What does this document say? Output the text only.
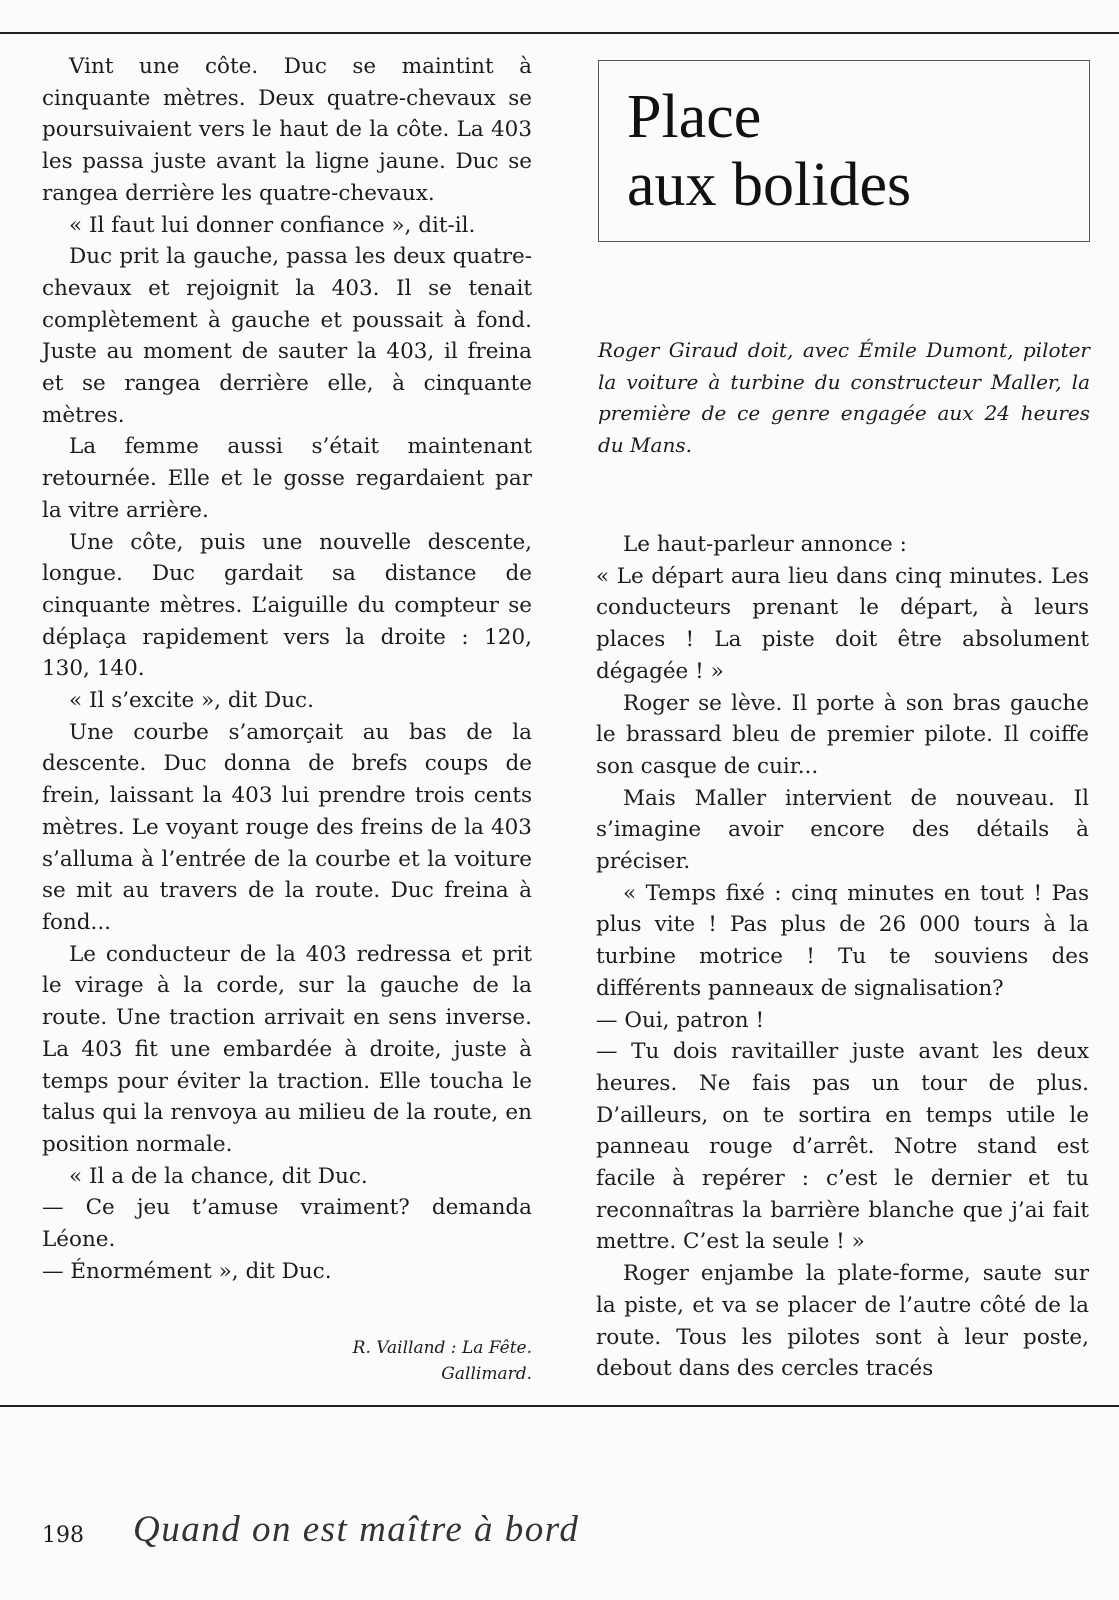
Vint une côte. Duc se maintint à cinquante mètres. Deux quatre-chevaux se poursuivaient vers le haut de la côte. La 403 les passa juste avant la ligne jaune. Duc se rangea derrière les quatre-chevaux.

« Il faut lui donner confiance », dit-il.

Duc prit la gauche, passa les deux quatre-chevaux et rejoignit la 403. Il se tenait complètement à gauche et poussait à fond. Juste au moment de sauter la 403, il freina et se rangea derrière elle, à cinquante mètres.

La femme aussi s’était maintenant retournée. Elle et le gosse regardaient par la vitre arrière.

Une côte, puis une nouvelle descente, longue. Duc gardait sa distance de cinquante mètres. L’aiguille du compteur se déplaça rapidement vers la droite : 120, 130, 140.

« Il s’excite », dit Duc.

Une courbe s’amorçait au bas de la descente. Duc donna de brefs coups de frein, laissant la 403 lui prendre trois cents mètres. Le voyant rouge des freins de la 403 s’alluma à l’entrée de la courbe et la voiture se mit au travers de la route. Duc freina à fond...

Le conducteur de la 403 redressa et prit le virage à la corde, sur la gauche de la route. Une traction arrivait en sens inverse. La 403 fit une embardée à droite, juste à temps pour éviter la traction. Elle toucha le talus qui la renvoya au milieu de la route, en position normale.

« Il a de la chance, dit Duc.

— Ce jeu t’amuse vraiment? demanda Léone.

— Énormément », dit Duc.

R. Vailland : La Fête.
Gallimard.
Place
aux bolides
Roger Giraud doit, avec Émile Dumont, piloter la voiture à turbine du constructeur Maller, la première de ce genre engagée aux 24 heures du Mans.

Le haut-parleur annonce :

« Le départ aura lieu dans cinq minutes. Les conducteurs prenant le départ, à leurs places ! La piste doit être absolument dégagée ! »

Roger se lève. Il porte à son bras gauche le brassard bleu de premier pilote. Il coiffe son casque de cuir...

Mais Maller intervient de nouveau. Il s’imagine avoir encore des détails à préciser.

« Temps fixé : cinq minutes en tout ! Pas plus vite ! Pas plus de 26 000 tours à la turbine motrice ! Tu te souviens des différents panneaux de signalisation?

— Oui, patron !

— Tu dois ravitailler juste avant les deux heures. Ne fais pas un tour de plus. D’ailleurs, on te sortira en temps utile le panneau rouge d’arrêt. Notre stand est facile à repérer : c’est le dernier et tu reconnaîtras la barrière blanche que j’ai fait mettre. C’est la seule ! »

Roger enjambe la plate-forme, saute sur la piste, et va se placer de l’autre côté de la route. Tous les pilotes sont à leur poste, debout dans des cercles tracés

198 Quand on est maître à bord
